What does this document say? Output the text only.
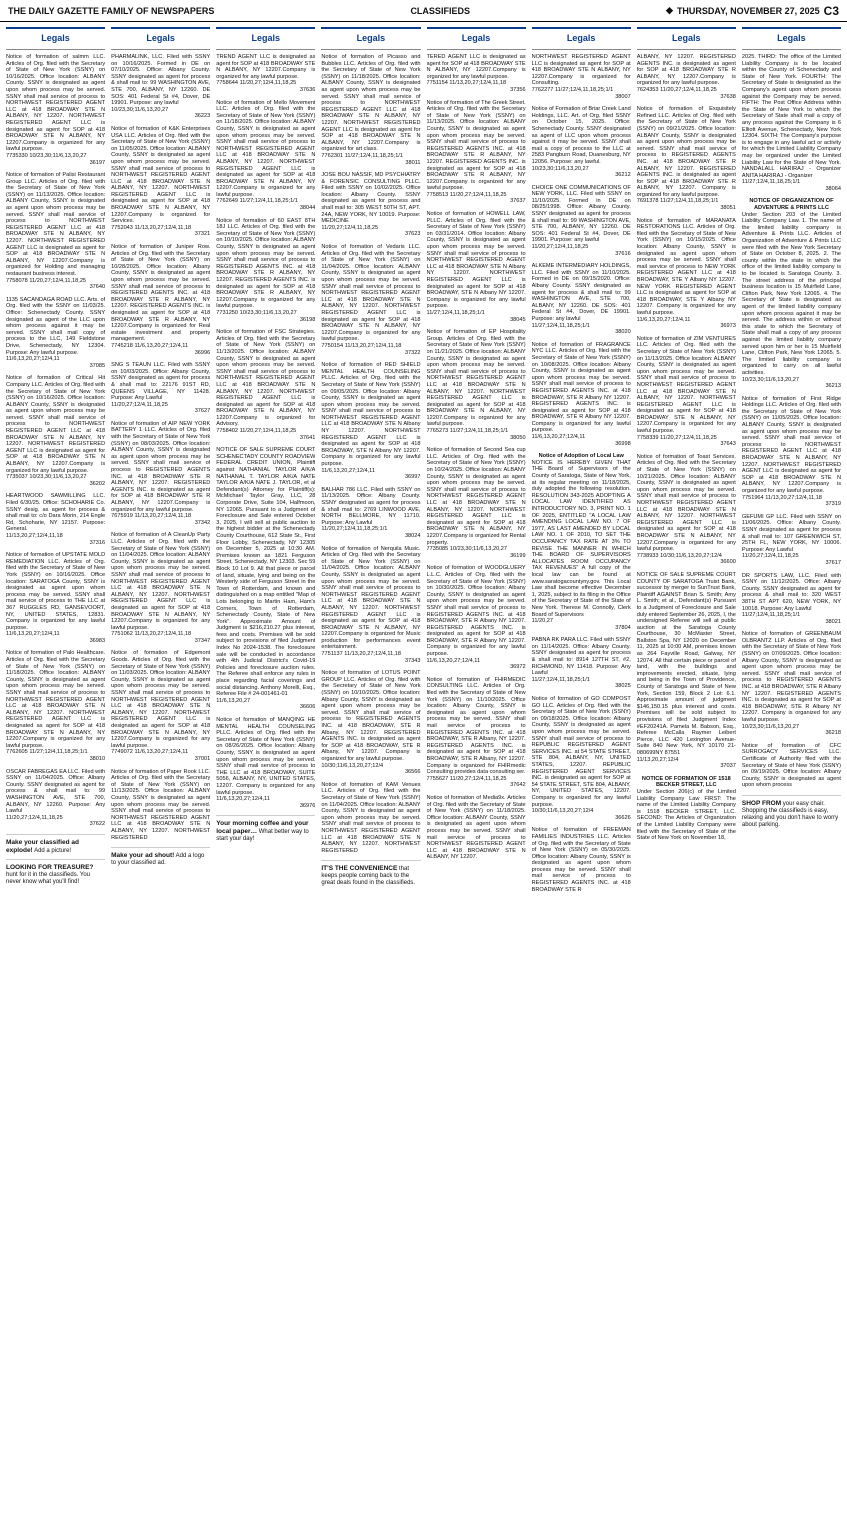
THE DAILY GAZETTE FAMILY OF NEWSPAPERS	CLASSIFIEDS	◆ THURSDAY, NOVEMBER 27, 2025 C3
Legals
Notice of formation of salmm LLC. Articles of Org. filed with the Secretary of State of New York (SSNY) on 10/16/2025. Office location: ALBANY County. SSNY is designated as agent upon whom process may be served. SSNY shall mail service of process to NORTHWEST REGISTERED AGENT LLC at 418 BROADWAY STE N ALBANY, NY 12207. NORTHWEST REGISTERED AGENT LLC is designated as agent for SOP at 418 BROADWAY STE N ALBANY, NY 12207.Company is organized for any lawful purpose.
7735330 10/23,30;11/6,13,20,27
36197
Notice of formation of Palisi Restaurant Group LLC. Articles of Org. filed with the Secretary of State of New York (SSNY) on 11/13/2025. Office location: ALBANY County, SSNY is designated as agent upon whom process may be served. SSNY shall mail service of process to NORTHWEST REGISTERED AGENT LLC at 418 BROADWAY STE N ALBANY, NY 12207. NORTHWEST REGISTERED AGENT LLC is designated as agent for SOP at 418 BROADWAY STE N ALBANY, NY 12207.Company is organized for Holding and managing restaurant business interest.
7758078 11/20,27;12/4,11,18,25
37640
1135 SACANDAGA ROAD LLC. Arts. of Org. filed with the SSNY on 11/03/25. Office: Schenectady County. SSNY designated as agent of the LLC upon whom process against it may be served. SSNY shall mail copy of process to the LLC, 149 Fieldstone Drive, Schenectady, NY 12304. Purpose: Any lawful purpose.
11/6,13,20,27;12/4,11
37085
Notice of formation of Critical Hit Company LLC. Articles of Org. filed with the Secretary of State of New York (SSNY) on 10/16/2025. Office location: ALBANY County, SSNY is designated as agent upon whom process may be served. SSNY shall mail service of process to NORTHWEST REGISTERED AGENT LLC at 418 BROADWAY STE N ALBANY, NY 12207. NORTHWEST REGISTERED AGENT LLC is designated as agent for SOP at 418 BROADWAY STE N ALBANY, NY 12207.Company is organized for any lawful purpose.
7735037 10/23,30;11/6,13,20,27
36202
HEARTWOOD SAWMILLING LLC. Filed 6/30/25. Office: SCHOHARIE Co. SSNY desig. as agent for process & shall mail to: c/o Dara Morin, 214 Engle Rd, Schoharie, NY 12157. Purpose: General.
11/13,20,27;12/4,11,18
37316
Notice of formation of UPSTATE MOLD REMEDIATION LLC. Articles of Org. filed with the Secretary of State of New York (SSNY) on 10/16/2025. Office location: SARATOGA County, SSNY is designated as agent upon whom process may be served. SSNY shall mail service of process to THE LLC at 367 RUGGLES RD, GANSEVOORT, NY, UNITED STATES, 12831. Company is organized for any lawful purpose.
11/6,13,20,27;12/4,11
36983
Notice of formation of Palo Healthcare. Articles of Org. filed with the Secretary of State of New York (SSNY) on 11/18/2025. Office location: ALBANY County, SSNY is designated as agent upon whom process may be served. SSNY shall mail service of process to NORTHWEST REGISTERED AGENT LLC at 418 BROADWAY STE N ALBANY, NY 12207. NORTHWEST REGISTERED AGENT LLC is designated as agent for SOP at 418 BROADWAY STE N ALBANY, NY 12207.Company is organized for any lawful purpose.
7762605 11/27;12/4,11,18,25;1/1
38010
OSCAR FABREGAS EA LLC. Filed with SSNY on 11/04/2025. Office: Albany County. SSNY designated as agent for process & shall mail to: 99 WASHINGTON AVE, STE 700, ALBANY, NY 12260. Purpose: Any Lawful
11/20,27;12/4,11,18,25
37622
Make your classified ad explode! Add a picture!
LOOKING FOR TREASURE? hunt for it in the classifieds. You never know what you'll find!
Legals
PHARMALINK, LLC. Filed with SSNY on 10/16/2025. Formed in DE on 07/10/2025. Office: Albany County. SSNY designated as agent for process & shall mail to: 99 WASHINGTON AVE, STE 700, ALBANY, NY 12260. DE SOS: 401 Federal St #4, Dover, DE 19901. Purpose: any lawful
10/23,30;11/6,13,20,27
36223
Notice of formation of K&K Enterprises USA LLC. Articles of Org. filed with the Secretary of State of New York (SSNY) on 11/05/2025. Office location: ALBANY County, SSNY is designated as agent upon whom process may be served. SSNY shall mail service of process to NORTHWEST REGISTERED AGENT LLC at 418 BROADWAY STE N ALBANY, NY 12207. NORTHWEST REGISTERED AGENT LLC is designated as agent for SOP at 418 BROADWAY STE N ALBANY, NY 12207.Company is organized for Services.
7752043 11/13,20,27;12/4,11,18
37321
Notice of formation of Juniper Row. Articles of Org. filed with the Secretary of State of New York (SSNY) on 10/28/2025. Office location: Albany County, SSNY is designated as agent upon whom process may be served. SSNY shall mail service of process to REGISTERED AGENTS INC. at 418 BROADWAY STE R ALBANY, NY 12207. REGISTERED AGENTS INC. is designated as agent for SOP at 418 BROADWAY STE R ALBANY, NY 12207.Company is organized for Real estate investment and property management.
7745218 11/6,13,20,27;12/4,11
36996
SNG S TEAUN LLC. Filed with SSNY on 10/03/2025. Office: Albany County. SSNY designated as agent for process & shall mail to: 22176 91ST RD, QUEENS VILLAGE, NY 11428. Purpose: Any Lawful
11/20,27;12/4,11,18,25
37627
Notice of formation of AIP NEW YORK BATTERY 1 LLC. Articles of Org. filed with the Secretary of State of New York (SSNY) on 08/03/2025. Office location: ALBANY County, SSNY is designated as agent upon whom process may be served. SSNY shall mail service of process to REGISTERED AGENTS INC. at 418 BROADWAY STE R ALBANY, NY 12207. REGISTERED AGENTS INC. is designated as agent for SOP at 418 BROADWAY STE R ALBANY, NY 12207.Company is organized for any lawful purpose.
7675919 11/13,20,27;12/4,11,18
37342
Notice of formation of A CleanUp Party LLC. Articles of Org. filed with the Secretary of State of New York (SSNY) on 11/04/2025. Office location: ALBANY County, SSNY is designated as agent upon whom process may be served. SSNY shall mail service of process to NORTHWEST REGISTERED AGENT LLC at 418 BROADWAY STE N ALBANY, NY 12207. NORTHWEST REGISTERED AGENT LLC is designated as agent for SOP at 418 BROADWAY STE N ALBANY, NY 12207.Company is organized for any lawful purpose.
7751062 11/13,20,27;12/4,11,18
37347
Notice of formation of Edgemont Goods. Articles of Org. filed with the Secretary of State of New York (SSNY) on 11/03/2025. Office location: ALBANY County, SSNY is designated as agent upon whom process may be served. SSNY shall mail service of process to NORTHWEST REGISTERED AGENT LLC at 418 BROADWAY STE N ALBANY, NY 12207. NORTHWEST REGISTERED AGENT LLC is designated as agent for SOP at 418 BROADWAY STE N ALBANY, NY 12207.Company is organized for any lawful purpose.
7749072 11/6,13,20,27;12/4,11
37001
Notice of formation of Paper Rook LLC. Articles of Org. filed with the Secretary of State of New York (SSNY) on 11/13/2025. Office location: ALBANY County, SSNY is designated as agent upon whom process may be served. SSNY shall mail service of process to NORTHWEST REGISTERED AGENT LLC at 418 BROADWAY STE N ALBANY, NY 12207. NORTHWEST REGISTERED
Make your ad shout! Add a logo to your classified ad.
Legals
TREND AGENT LLC is designated as agent for SOP at 418 BROADWAY STE N ALBANY, NY 12207.Company is organized for any lawful purpose.
7758644 11/20,27;12/4,11,18,25
37636
Notice of formation of Mello Movement LLC. Articles of Org. filed with the Secretary of State of New York (SSNY) on 11/18/2025. Office location: ALBANY County, SSNY is designated as agent upon whom process may be served. SSNY shall mail service of process to NORTHWEST REGISTERED AGENT LLC at 418 BROADWAY STE N ALBANY, NY 12207. NORTHWEST REGISTERED AGENT LLC is designated as agent for SOP at 418 BROADWAY STE N ALBANY, NY 12207.Company is organized for any lawful purpose.
7762649 11/27;12/4,11,18,25;1/1
38044
Notice of formation of 60 EAST 8TH 18J LLC. Articles of Org. filed with the Secretary of State of New York (SSNY) on 10/10/2025. Office location: ALBANY County, SSNY is designated as agent upon whom process may be served. SSNY shall mail service of process to REGISTERED AGENTS INC. at 418 BROADWAY STE R ALBANY, NY 12207. REGISTERED AGENTS INC. is designated as agent for SOP at 418 BROADWAY STE R ALBANY, NY 12207.Company is organized for any lawful purpose.
7731250 10/23,30;11/6,13,20,27
36198
Notice of formation of FSC Strategies. Articles of Org. filed with the Secretary of State of New York (SSNY) on 11/13/2025. Office location: ALBANY County, SSNY is designated as agent upon whom process may be served. SSNY shall mail service of process to NORTHWEST REGISTERED AGENT LLC at 418 BROADWAY STE N ALBANY, NY 12207. NORTHWEST REGISTERED AGENT LLC is designated as agent for SOP at 418 BROADWAY STE N ALBANY, NY 12207.Company is organized for Advisory.
7758402 11/20,27;12/4,11,18,25
37641
NOTICE OF SALE SUPREME COURT SCHENECTADY COUNTY ROADVIEW FEDERAL CREDIT UNION, Plaintiff against NATHANIAL TAYLOR A/K/A NATHANAL T. TAYLOR A/K/A NATE TAYLOR A/K/A NATE J. TAYLOR, et al Defendant(s) Attorney for Plaintiff(s): McMichael Taylor Gray, LLC, 28 Corporate Drive, Suite 104, Halfmoon, NY 12065. Pursuant to a Judgment of Foreclosure and Sale entered October 3, 2025, I will sell at public auction to the highest bidder at the Schenectady County Courthouse, 612 State St., First Floor Lobby, Schenectady, NY 12305 on December 5, 2025 at 10:30 AM. Premises known as 1821 Ferguson Street, Schenectady, NY 12303. Sec 59 Block 10 Lot 9. All that piece or parcel of land, situate, lying and being on the Westerly side of Ferguson Street in the Town of Rotterdam, and known and distinguished on a map entitled "Map of Lots belonging to Martin Ham, Ham's Corners, Town of Rotterdam, Schenectady County, State of New York". Approximate Amount of Judgment is $216,210.27 plus interest, fees and costs. Premises will be sold subject to provisions of filed Judgment Index No 2024-1538. The foreclosure sale will be conducted in accordance with 4th Judicial District's Covid-19 Policies and foreclosure auction rules. The Referee shall enforce any rules in place regarding facial coverings and social distancing. Anthony Morelli, Esq., Referee File # 24-001461-01
11/6,13,20,27
36606
Notice of formation of MANQING HE MENTAL HEALTH COUNSELING PLLC. Articles of Org. filed with the Secretary of State of New York (SSNY) on 08/26/2025. Office location: Albany County, SSNY is designated as agent upon whom process may be served. SSNY shall mail service of process to THE LLC at 418 BROADWAY, SUITE 5056, ALBANY, NY, UNITED STATES, 12207. Company is organized for any lawful purpose.
11/6,13,20,27;12/4,11
36976
Your morning coffee and your local paper… What better way to start your day!
Legals
Notice of formation of Picasso and Bubbles LLC. Articles of Org. filed with the Secretary of State of New York (SSNY) on 11/18/2025. Office location: ALBANY County, SSNY is designated as agent upon whom process may be served. SSNY shall mail service of process to NORTHWEST REGISTERED AGENT LLC at 418 BROADWAY STE N ALBANY, NY 12207. NORTHWEST REGISTERED AGENT LLC is designated as agent for SOP at 418 BROADWAY STE N ALBANY, NY 12207.Company is organized for art class.
7762301 11/27;12/4,11,18,25;1/1
38011
JOSE BOU NASSIF, MD PSYCHIATRY & FORENSIC CONSULTING PLLC. Filed with SSNY on 10/02/2025. Office location: Albany County. SSNY designated as agent for process and shall mail to: 305 WEST 50TH ST, APT. 24A, NEW YORK, NY 10019. Purpose: MEDICINE
11/20,27;12/4,11,18,25
37623
Notice of formation of Vedaris LLC. Articles of Org. filed with the Secretary of State of New York (SSNY) on 11/04/2025. Office location: ALBANY County, SSNY is designated as agent upon whom process may be served. SSNY shall mail service of process to NORTHWEST REGISTERED AGENT LLC at 418 BROADWAY STE N ALBANY, NY 12207. NORTHWEST REGISTERED AGENT LLC is designated as agent for SOP at 418 BROADWAY STE N ALBANY, NY 12207.Company is organized for any lawful purpose.
7750154 11/13,20,27;12/4,11,18
37322
Notice of formation of RED SHIELD MENTAL HEALTH COUNSELING PLLC. Articles of Org. filed with the Secretary of State of New York (SSNY) on 09/05/2025. Office location: Albany County, SSNY is designated as agent upon whom process may be served. SSNY shall mail service of process to NORTHWEST REGISTERED AGENT LLC at 418 BROADWAY STE N Albany NY 12207. NORTHWEST REGISTERED AGENT LLC is designated as agent for SOP at 418 BROADWAY, STE N Albany NY 12207. Company is organized for any lawful purpose.
11/6,13,20,27;12/4,11
36997
BALHAR 786 LLC. Filed with SSNY on 11/13/2025. Office: Albany County. SSNY designated as agent for process & shall mail to: 2769 LINWOOD AVE, NORTH BELLMORE, NY 11710. Purpose: Any Lawful
11/20,27;12/4,11,18,25;1/1
38024
Notice of formation of Nerquila Music. Articles of Org. filed with the Secretary of State of New York (SSNY) on 11/04/2025. Office location: ALBANY County, SSNY is designated as agent upon whom process may be served. SSNY shall mail service of process to NORTHWEST REGISTERED AGENT LLC at 418 BROADWAY STE N ALBANY, NY 12207. NORTHWEST REGISTERED AGENT LLC is designated as agent for SOP at 418 BROADWAY STE N ALBANY, NY 12207.Company is organized for Music production for performances event entertainment.
7751137 11/13,20,27;12/4,11,18
37343
Notice of formation of LOTUS POINT GROUP LLC. Articles of Org. filed with the Secretary of State of New York (SSNY) on 10/10/2025. Office location: Albany County, SSNY is designated as agent upon whom process may be served. SSNY shall mail service of process to REGISTERED AGENTS INC. at 418 BROADWAY, STE R Albany, NY 12207. REGISTERED AGENTS INC. is designated as agent for SOP at 418 BROADWAY, STE R Albany, NY 12207. Company is organized for any lawful purpose.
10/30;11/6,13,20,27;12/4
36566
Notice of formation of KAM Venues LLC. Articles of Org. filed with the Secretary of State of New York (SSNY) on 11/04/2025. Office location: ALBANY County, SSNY is designated as agent upon whom process may be served. SSNY shall mail service of process to NORTHWEST REGISTERED AGENT LLC at 418 BROADWAY STE N ALBANY, NY 12207. NORTHWEST REGISTERED
IT'S THE CONVENIENCE that keeps people coming back to the great deals found in the classifieds.
Legals
TERED AGENT LLC is designated as agent for SOP at 418 BROADWAY STE N ALBANY, NY 12207.Company is organized for any lawful purpose.
7751154 11/13,20,27;12/4,11,18
37356
Notice of formation of The Greek Street. Articles of Org. filed with the Secretary of State of New York (SSNY) on 11/13/2025. Office location: ALBANY County, SSNY is designated as agent upon whom process may be served. SSNY shall mail service of process to REGISTERED AGENTS INC. at 418 BROADWAY STE R ALBANY, NY 12207. REGISTERED AGENTS INC. is designated as agent for SOP at 418 BROADWAY STE R ALBANY, NY 12207.Company is organized for any lawful purpose.
7758513 11/20,27;12/4,11,18,25
37637
Notice of formation of HOWELL LAW, PLLC. Articles of Org. filed with the Secretary of State of New York (SSNY) on 03/31/2014. Office location: Albany County, SSNY is designated as agent upon whom process may be served. SSNY shall mail service of process to NORTHWEST REGISTERED AGENT LLC at 418 BROADWAY STE N Albany NY 12207. NORTHWEST REGISTERED AGENT LLC is designated as agent for SOP at 418 BROADWAY, STE N Albany NY 12207. Company is organized for any lawful purpose.
11/27;12/4,11,18,25;1/1
38045
Notice of formation of EP Hospitality Group. Articles of Org. filed with the Secretary of State of New York (SSNY) on 11/21/2025. Office location: ALBANY County, SSNY is designated as agent upon whom process may be served. SSNY shall mail service of process to NORTHWEST REGISTERED AGENT LLC at 418 BROADWAY STE N ALBANY, NY 12207. NORTHWEST REGISTERED AGENT LLC is designated as agent for SOP at 418 BROADWAY STE N ALBANY, NY 12207.Company is organized for any lawful purpose.
7765273 11/27;12/4,11,18,25;1/1
38050
Notice of formation of Second Sea cup LLC. Articles of Org. filed with the Secretary of State of New York (SSNY) on 10/24/2025. Office location: ALBANY County, SSNY is designated as agent upon whom process may be served. SSNY shall mail service of process to NORTHWEST REGISTERED AGENT LLC at 418 BROADWAY STE N ALBANY, NY 12207. NORTHWEST REGISTERED AGENT LLC is designated as agent for SOP at 418 BROADWAY STE N ALBANY, NY 12207.Company is organized for Rental property.
7735085 10/23,30;11/6,13,20,27
36199
Notice of formation of WOODGLUERY L.L.C. Articles of Org. filed with the Secretary of State of New York (SSNY) on 10/30/2025. Office location: Albany County, SSNY is designated as agent upon whom process may be served. SSNY shall mail service of process to REGISTERED AGENTS INC. at 418 BROADWAY, STE R Albany NY 12207. REGISTERED AGENTS INC. is designated as agent for SOP at 418 BROADWAY, STE R Albany NY 12207. Company is organized for any lawful purpose.
11/6,13,20,27;12/4,11
36972
Notice of formation of FHIRMEDIC CONSULTING LLC. Articles of Org. filed with the Secretary of State of New York (SSNY) on 11/10/2025. Office location: Albany County, SSNY is designated as agent upon whom process may be served. SSNY shall mail service of process to REGISTERED AGENTS INC. at 418 BROADWAY, STE R Albany, NY 12207. REGISTERED AGENTS INC. is designated as agent for SOP at 418 BROADWAY, STE R Albany, NY 12207. Company is organized for FHIRmedic Consulting provides data consulting ser.
7755627 11/20,27;12/4,11,18,25
37642
Notice of formation of Media9x. Articles of Org. filed with the Secretary of State of New York (SSNY) on 11/18/2025. Office location: ALBANY County, SSNY is designated as agent upon whom process may be served. SSNY shall mail service of process to NORTHWEST REGISTERED AGENT LLC at 418 BROADWAY STE N ALBANY, NY 12207.
Legals
NORTHWEST REGISTERED AGENT LLC is designated as agent for SOP at 418 BROADWAY STE N ALBANY, NY 12207.Company is organized for Consulting.
7762277 11/27;12/4,11,18,25;1/1
38007
Notice of Formation of Briar Creek Land Holdings, LLC. Art. of Org. filed SSNY on October 15, 2025. Office: Schenectady County. SSNY designated as agent of LLC upon whom process against it may be served. SSNY shall mail a copy of process to the LLC at 2583 Pangburn Road, Duanesburg, NY 12056. Purpose: any lawful.
10/23,30;11/6,13,20,27
36212
CHOICE ONE COMMUNICATIONS OF NEW YORK, LLC. Filed with SSNY on 11/10/2025. Formed in DE on 08/25/1998. Office: Albany County. SSNY designated as agent for process & shall mail to: 99 WASHINGTON AVE, STE 700, ALBANY, NY 12260. DE SOS: 401 Federal St #4, Dover, DE 19901. Purpose: any lawful
11/20,27;12/4,11,18,25
37616
ALKEME INTERMEDIARY HOLDINGS, LLC. Filed with SSNY on 11/10/2025. Formed in DE on 09/15/2020. Office: Albany County. SSNY designated as agent for process & shall mail to: 99 WASHINGTON AVE, STE 700, ALBANY, NY 12260. DE SOS: 401 Federal St #4, Dover, DE 19901. Purpose: any lawful
11/27;12/4,11,18,25;1/1
38020
Notice of formation of FRAGRANCE NYC LLC. Articles of Org. filed with the Secretary of State of New York (SSNY) on 10/08/2025. Office location: Albany County, SSNY is designated as agent upon whom process may be served. SSNY shall mail service of process to REGISTERED AGENTS INC. at 418 BROADWAY, STE R Albany NY 12207. REGISTERED AGENTS INC. is designated as agent for SOP at 418 BROADWAY, STE R Albany NY 12207. Company is organized for any lawful purpose.
11/6,13,20,27;12/4,11
36998
Notice of Adoption of Local Law
NOTICE IS HEREBY GIVEN THAT THE Board of Supervisors of the County of Saratoga, State of New York, at its regular meeting on 11/18/2025, duly adopted the following resolution. RESOLUTION 343-2025 ADOPTING A LOCAL LAW IDENTIFIED AS INTRODUCTORY NO. 3, PRINT NO. 1 OF 2025, ENTITLED "A LOCAL LAW AMENDING LOCAL LAW NO. 7 OF 1977, AS LAST AMENDED BY LOCAL LAW NO. 1 OF 2010, TO SET THE OCCUPANCY TAX RATE AT 3% TO REVISE THE MANNER IN WHICH THE BOARD OF SUPERVISORS ALLOCATES ROOM OCCUPANCY TAX REVENUES" A full copy of the local law can be found at www.saratogacountyny.gov. This Local Law shall become effective December 1, 2025, subject to its filing in the Office of the Secretary of State of the State of New York. Therese M. Connolly, Clerk Board of Supervisors
11/20,27
37804
PABNA RK PARA LLC. Filed with SSNY on 11/14/2025. Office: Albany County. SSNY designated as agent for process & shall mail to: 8914 127TH ST, #2, RICHMOND, NY 11418. Purpose: Any Lawful
11/27;12/4,11,18,25;1/1
38025
Notice of formation of GO COMPOST GO LLC. Articles of Org. filed with the Secretary of State of New York (SSNY) on 09/18/2025. Office location: Albany County, SSNY is designated as agent upon whom process may be served. SSNY shall mail service of process to REPUBLIC REGISTERED AGENT SERVICES INC. at 54 STATE STREET, STE 804, ALBANY, NY, UNITED STATES, 12207. REPUBLIC REGISTERED AGENT SERVICES INC. is designated as agent for SOP at 54 STATE STREET, STE 804, ALBANY, NY, UNITED STATES, 12207. Company is organized for any lawful purpose.
10/30;11/6,13,20,27;12/4
36626
Notice of formation of FREEMAN FAMILIES INDUSTRIES LLC. Articles of Org. filed with the Secretary of State of New York (SSNY) on 05/30/2025. Office location: Albany County, SSNY is designated as agent upon whom process may be served. SSNY shall mail service of process to REGISTERED AGENTS INC. at 418 BROADWAY STE R
Legals
ALBANY, NY 12207. REGISTERED AGENTS INC. is designated as agent for SOP at 418 BROADWAY STE R ALBANY, NY 12207.Company is organized for any lawful purpose.
7624353 11/20,27;12/4,11,18,25
37638
Notice of formation of Exquisitely Refined LLC. Articles of Org. filed with the Secretary of State of New York (SSNY) on 09/21/2025. Office location: ALBANY County, SSNY is designated as agent upon whom process may be served. SSNY shall mail service of process to REGISTERED AGENTS INC. at 418 BROADWAY STE R ALBANY, NY 12207. REGISTERED AGENTS INC. is designated as agent for SOP at 418 BROADWAY STE R ALBANY, NY 12207. Company is organized for any lawful purpose.
7691378 11/27;12/4,11,18,25;1/1
38051
Notice of formation of MARANATA RESTORATIONS LLC. Articles of Org. filed with the Secretary of State of New York (SSNY) on 10/15/2025. Office location: Albany County, SSNY is designated as agent upon whom process may be served. SSNY shall mail service of process to NEW YORK REGISTERED AGENT LLC at 418 BROADWAY, STE Y Albany NY 12207. NEW YORK REGISTERED AGENT LLC is designated as agent for SOP at 418 BROADWAY, STE Y Albany NY 12207. Company is organized for any lawful purpose.
11/6,13,20,27;12/4,11
36973
Notice of formation of ZIM VENTURES LLC. Articles of Org. filed with the Secretary of State of New York (SSNY) on 11/13/2025. Office location: ALBANY County, SSNY is designated as agent upon whom process may be served. SSNY shall mail service of process to NORTHWEST REGISTERED AGENT LLC at 418 BROADWAY STE N ALBANY, NY 12207. NORTHWEST REGISTERED AGENT LLC is designated as agent for SOP at 418 BROADWAY STE N ALBANY, NY 12207.Company is organized for any lawful purpose.
7758339 11/20,27;12/4,11,18,25
37643
Notice of formation of Toast Services. Articles of Org. filed with the Secretary of State of New York (SSNY) on 10/21/2025. Office location: ALBANY County, SSNY is designated as agent upon whom process may be served. SSNY shall mail service of process to NORTHWEST REGISTERED AGENT LLC at 418 BROADWAY STE N ALBANY, NY 12207. NORTHWEST REGISTERED AGENT LLC is designated as agent for SOP at 418 BROADWAY STE N ALBANY, NY 12207.Company is organized for any lawful purpose.
7738933 10/30;11/6,13,20,27;12/4
36600
NOTICE OF SALE SUPREME COURT COUNTY OF SARATOGA Truist Bank, successor by merger to SunTrust Bank, Plaintiff AGAINST Brian S. Smith; Amy L. Smith; et al., Defendant(s) Pursuant to a Judgment of Foreclosure and Sale duly entered September 26, 2025, I, the undersigned Referee will sell at public auction at the Saratoga County Courthouse, 30 McMaster Street, Ballston Spa, NY 12020 on December 11, 2025 at 10:00 AM, premises known as 264 Fayville Road, Galway, NY 12074. All that certain piece or parcel of land, with the buildings and improvements erected, situate, lying and being in the Town of Providence, County of Saratoga and State of New York, Section 159, Block 2 Lot: 6.1. Approximate amount of judgment $146,150.15 plus interest and costs. Premises will be sold subject to provisions of filed Judgment Index #EF20241A. Pamela M. Babson, Esq., Referee McCalla Raymer Leibert Pierce, LLC 420 Lexington Avenue-Suite 840 New York, NY 10170 21-080699NY 87551
11/13,20,27;12/4
37037
NOTICE OF FORMATION OF 1518 BECKER STREET, LLC
Under Section 206(c) of the Limited Liability Company Law FIRST: The name of the Limited Liability Company is 1518 BECKER STREET, LLC. SECOND: The Articles of Organization of the Limited Liability Company were filed with the Secretary of State of the State of New York on November 18,
Legals
2025. THIRD: The office of the Limited Liability Company is to be located within the County of Schenectady and State of New York. FOURTH: The Secretary of State is designated as the Company's agent upon whom process against the Company may be served. FIFTH: The Post Office Address within the State of New York to which the Secretary of State shall mail a copy of any process against the Company is 6 Elliott Avenue, Schenectady, New York 12304. SIXTH: The Company's purpose is to engage in any lawful act or activity for which the Limited Liability Company may be organized under the Limited Liability Law for the State of New York. NANDALALL HARIRAJ - Organizer ANITA HARIRAJ - Organizer
11/27;12/4,11,18,25;1/1
38064
NOTICE OF ORGANIZATION OF ADVENTURE & PRINTS LLC
Under Section 203 of the Limited Liability Company Law. 1. The name of the limited liability company is Adventure & Prints LLC. Articles of Organization of Adventure & Prints LLC were filed with the New York Secretary of State on October 8, 2025. 2. The county within the state in which the office of the limited liability company is to be located is Saratoga County. 3. The street address of the principal business location is 15 Muirfield Lane, Clifton Park, New York 12065. 4. The Secretary of State is designated as agent of the limited liability company upon whom process against it may be served. The address within or without this state to which the Secretary of State shall mail a copy of any process against the limited liability company served upon him or her is 15 Muirfield Lane, Clifton Park, New York 12065. 5. The limited liability company is organized to carry on all lawful activities.
10/23,30;11/6,13,20,27
36213
Notice of formation of First Ridge Holdings LLC. Articles of Org. filed with the Secretary of State of New York (SSNY) on 11/05/2025. Office location: ALBANY County, SSNY is designated as agent upon whom process may be served. SSNY shall mail service of process to NORTHWEST REGISTERED AGENT LLC at 418 BROADWAY STE N ALBANY, NY 12207. NORTHWEST REGISTERED AGENT LLC is designated as agent for SOP at 418 BROADWAY STE N ALBANY, NY 12207.Company is organized for any lawful purpose.
7751964 11/13,20,27;12/4,11,18
37319
GEFUMI GP LLC. Filed with SSNY on 11/06/2025. Office: Albany County. SSNY designated as agent for process & shall mail to: 107 GREENWICH ST, 25TH FL, NEW YORK, NY 10006. Purpose: Any Lawful
11/20,27;12/4,11,18,25
37617
DR SPORTS LAW, LLC. Filed with SSNY on 11/12/2025. Office: Albany County. SSNY designated as agent for process & shall mail to: 320 WEST 38TH ST APT 620, NEW YORK, NY 10018. Purpose: Any Lawful
11/27;12/4,11,18,25;1/1
38021
Notice of formation of GREENBAUM OLBRANTZ LLP. Articles of Org. filed with the Secretary of State of New York (SSNY) on 07/09/2025. Office location: Albany County, SSNY is designated as agent upon whom process may be served. SSNY shall mail service of process to REGISTERED AGENTS INC. at 418 BROADWAY, STE R Albany NY 12207. REGISTERED AGENTS INC. is designated as agent for SOP at 418 BROADWAY, STE R Albany NY 12207. Company is organized for any lawful purpose.
10/23,30;11/6,13,20,27
36218
Notice of formation of CFC SURROGACY SERVICES LLC. Certificate of Authority filed with the Secretary of State of New York (SSNY) on 09/19/2025. Office location: Albany County, SSNY is designated as agent upon whom process
SHOP FROM your easy chair. Shopping the classifieds is easy, relaxing and you don't have to worry about parking.
